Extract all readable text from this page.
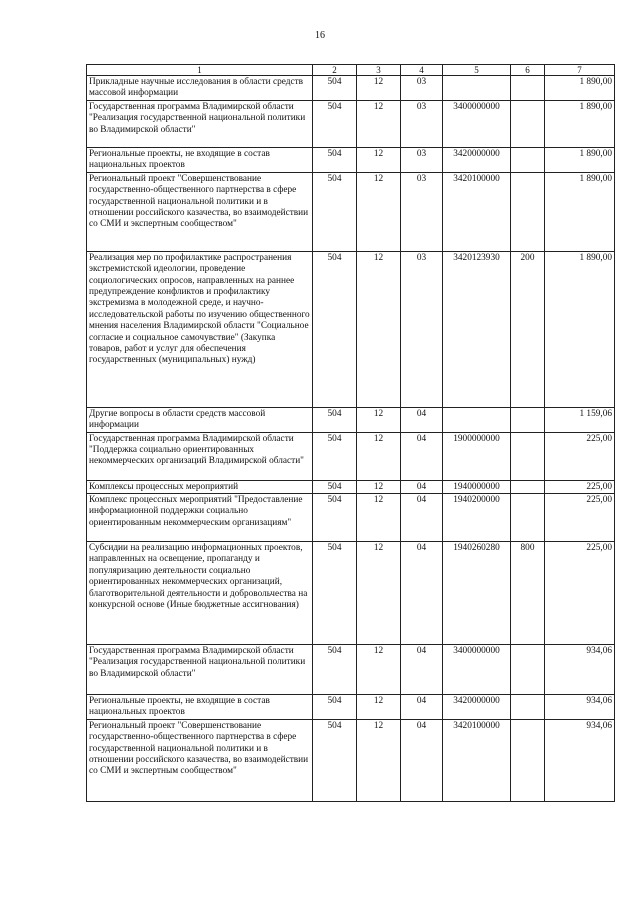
16
1	2	3	4	5	6	7
Прикладные научные исследования в области средств массовой информации	504	12	03			1 890,00
Государственная программа Владимирской области "Реализация государственной национальной политики во Владимирской области"	504	12	03	3400000000		1 890,00
Региональные проекты, не входящие в состав национальных проектов	504	12	03	3420000000		1 890,00
Региональный проект "Совершенствование государственно-общественного партнерства в сфере государственной национальной политики и в отношении российского казачества, во взаимодействии со СМИ и экспертным сообществом"	504	12	03	3420100000		1 890,00
Реализация мер по профилактике распространения экстремистской идеологии, проведение социологических опросов, направленных на раннее предупреждение конфликтов и профилактику экстремизма в молодежной среде, и научно-исследовательской работы по изучению общественного мнения населения Владимирской области "Социальное согласие и социальное самочувствие" (Закупка товаров, работ и услуг для обеспечения государственных (муниципальных) нужд)	504	12	03	3420123930	200	1 890,00
Другие вопросы в области средств массовой информации	504	12	04			1 159,06
Государственная программа Владимирской области "Поддержка социально ориентированных некоммерческих организаций Владимирской области"	504	12	04	1900000000		225,00
Комплексы процессных мероприятий	504	12	04	1940000000		225,00
Комплекс процессных мероприятий "Предоставление информационной поддержки социально ориентированным некоммерческим организациям"	504	12	04	1940200000		225,00
Субсидии на реализацию информационных проектов, направленных на освещение, пропаганду и популяризацию деятельности социально ориентированных некоммерческих организаций, благотворительной деятельности и добровольчества на конкурсной основе (Иные бюджетные ассигнования)	504	12	04	1940260280	800	225,00
Государственная программа Владимирской области "Реализация государственной национальной политики во Владимирской области"	504	12	04	3400000000		934,06
Региональные проекты, не входящие в состав национальных проектов	504	12	04	3420000000		934,06
Региональный проект "Совершенствование государственно-общественного партнерства в сфере государственной национальной политики и в отношении российского казачества, во взаимодействии со СМИ и экспертным сообществом"	504	12	04	3420100000		934,06
